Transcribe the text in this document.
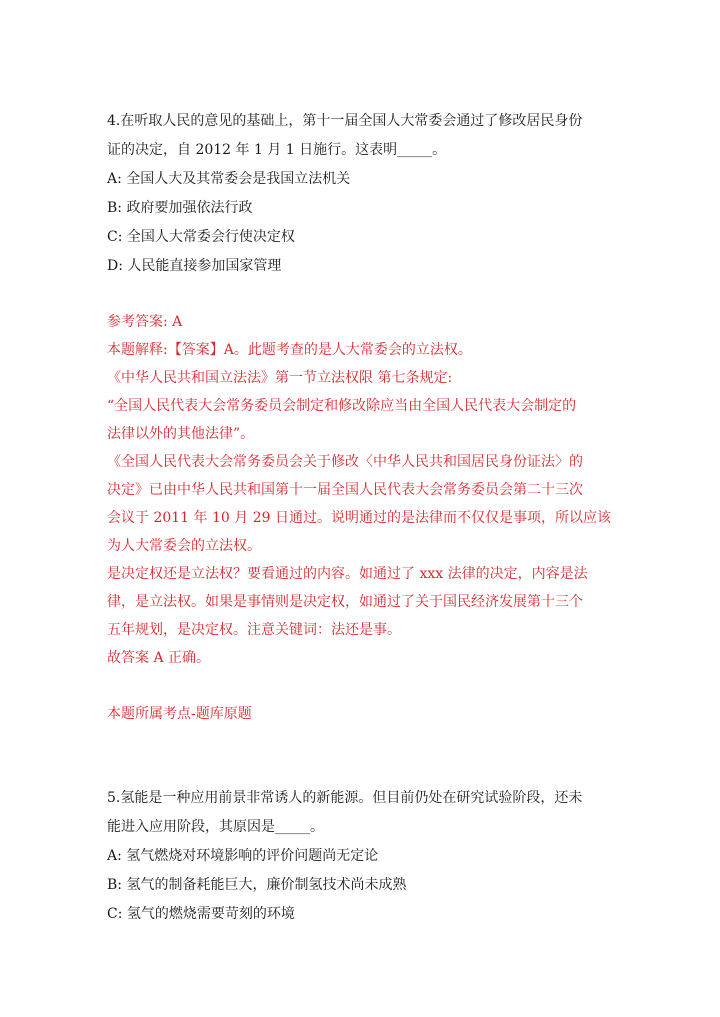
4.在听取人民的意见的基础上，第十一届全国人大常委会通过了修改居民身份
证的决定，自 2012 年 1 月 1 日施行。这表明_____。
A: 全国人大及其常委会是我国立法机关
B: 政府要加强依法行政
C: 全国人大常委会行使决定权
D: 人民能直接参加国家管理
参考答案: A
本题解释:【答案】A。此题考查的是人大常委会的立法权。
《中华人民共和国立法法》第一节立法权限 第七条规定:
“全国人民代表大会常务委员会制定和修改除应当由全国人民代表大会制定的
法律以外的其他法律”。
《全国人民代表大会常务委员会关于修改〈中华人民共和国居民身份证法〉的
决定》已由中华人民共和国第十一届全国人民代表大会常务委员会第二十三次
会议于 2011 年 10 月 29 日通过。说明通过的是法律而不仅仅是事项，所以应该
为人大常委会的立法权。
是决定权还是立法权？要看通过的内容。如通过了 xxx 法律的决定，内容是法
律，是立法权。如果是事情则是决定权，如通过了关于国民经济发展第十三个
五年规划，是决定权。注意关键词：法还是事。
故答案 A 正确。
本题所属考点-题库原题
5.氢能是一种应用前景非常诱人的新能源。但目前仍处在研究试验阶段，还未
能进入应用阶段，其原因是_____。
A: 氢气燃烧对环境影响的评价问题尚无定论
B: 氢气的制备耗能巨大，廉价制氢技术尚未成熟
C: 氢气的燃烧需要苛刻的环境
